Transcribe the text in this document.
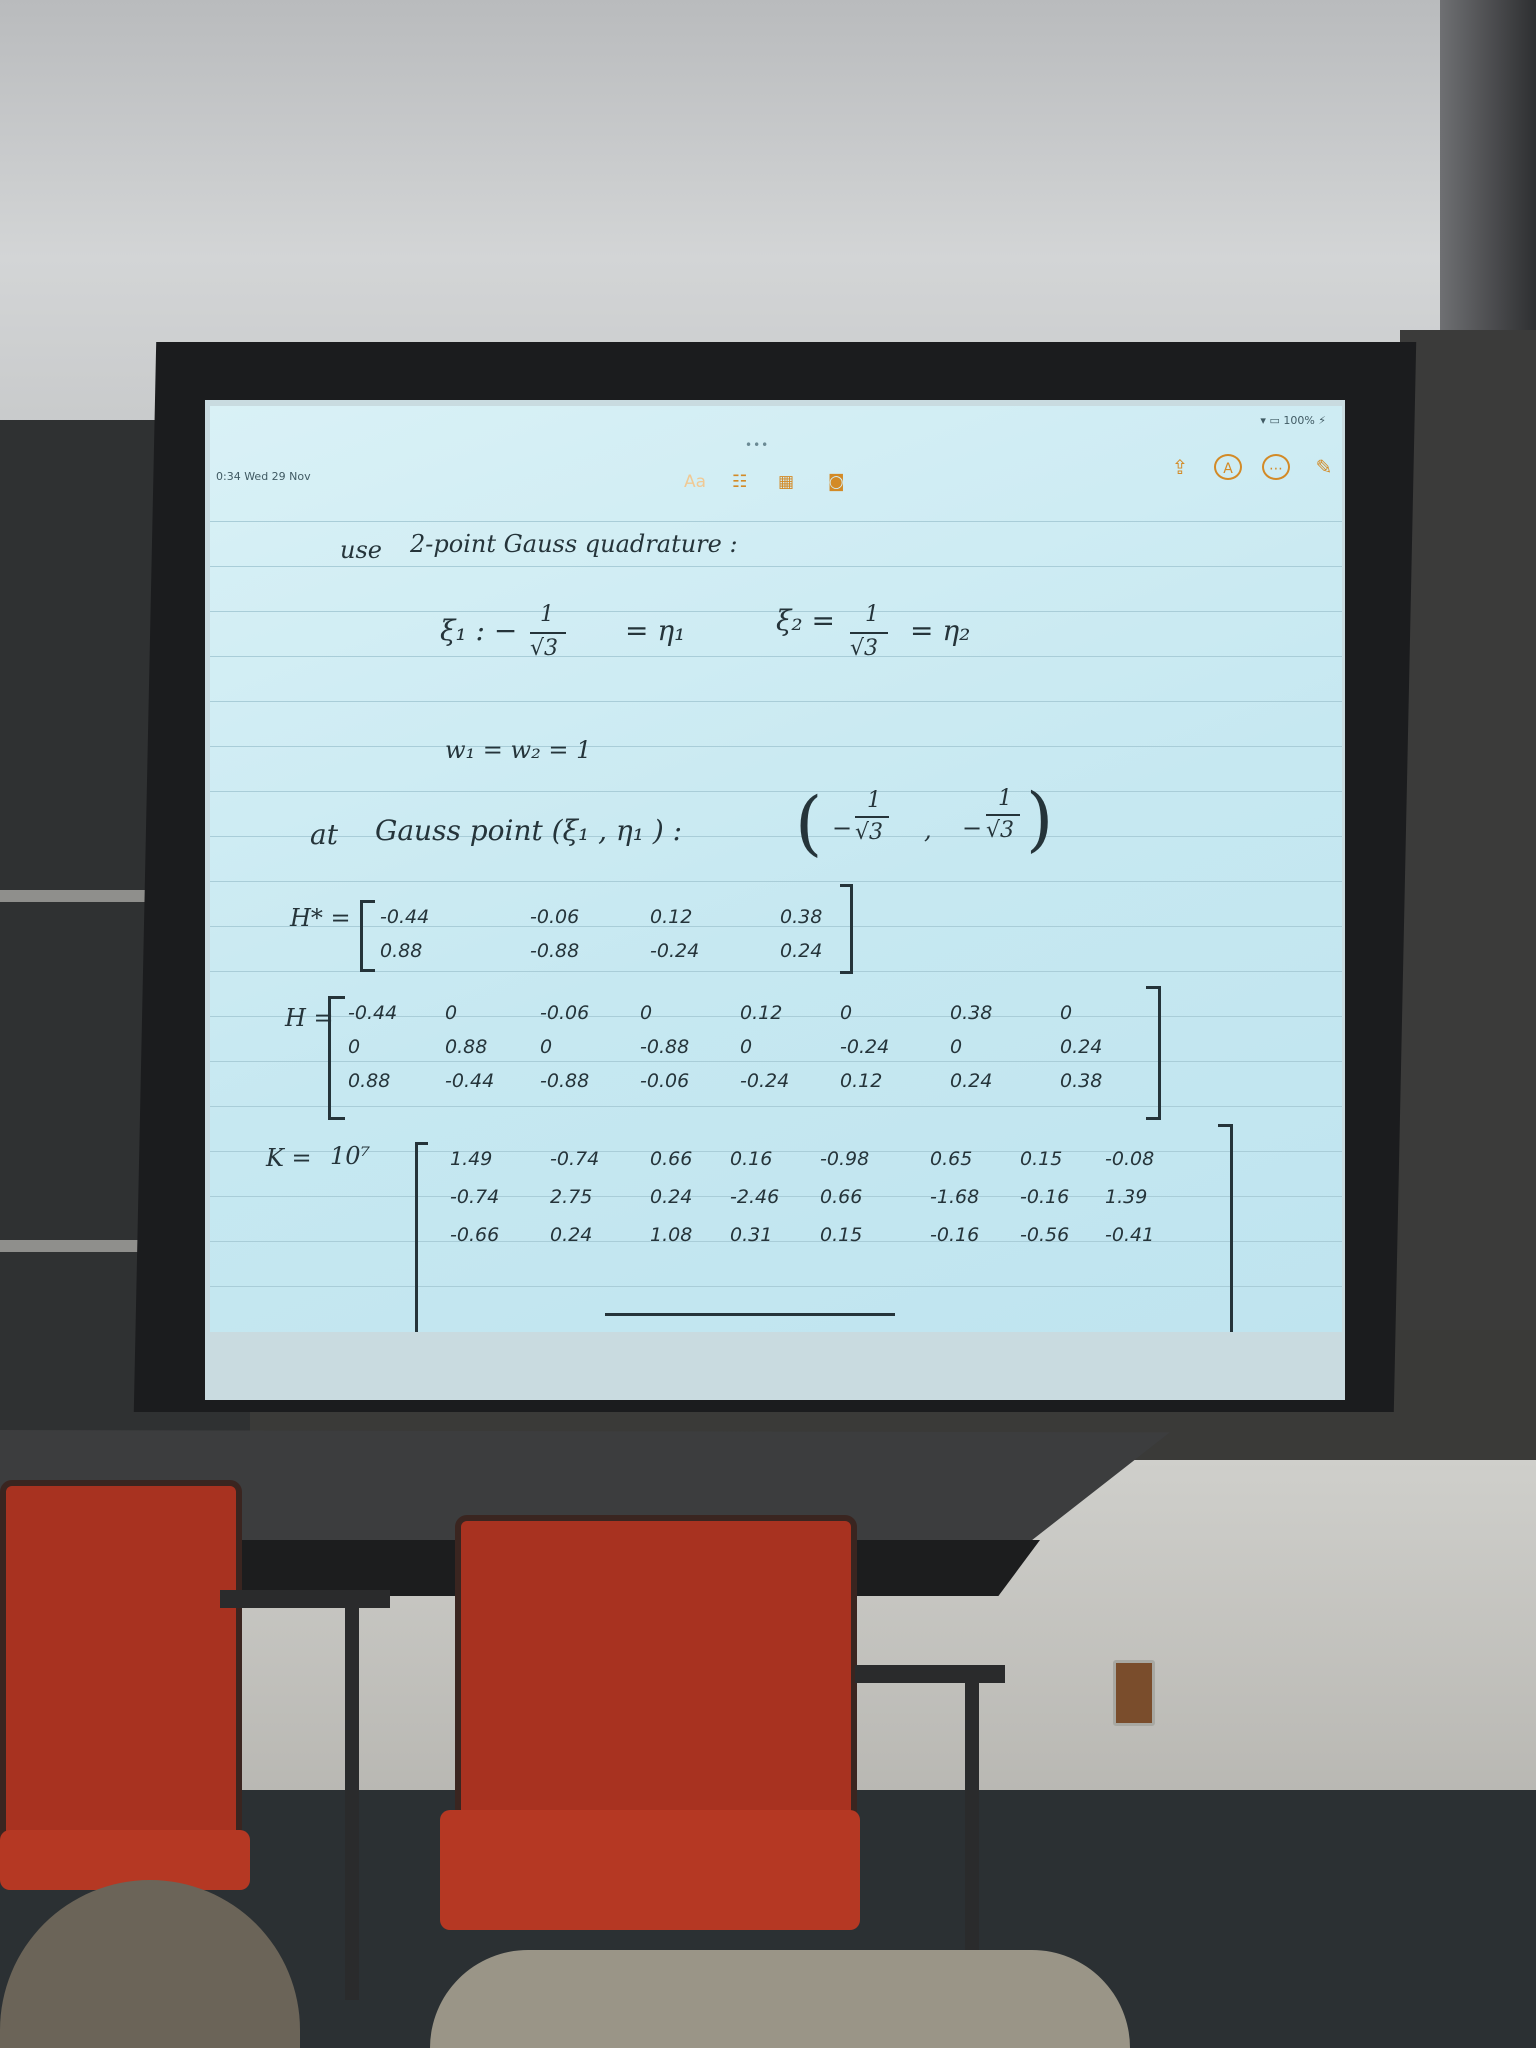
0:34 Wed 29 Nov
▾ ▭ 100% ⚡
•••
Aa ☷ ▦ ◙
⇪	A	⋯	✎
use 2-point Gauss quadrature :
ξ₁ : − 1
√3
= η₁	ξ₂ = 1
√3
= η₂
w₁ = w₂ = 1
at Gauss point (ξ₁ , η₁ ) : ( −
1
√3 , −
1
√3 )
H* = -0.44	-0.06	0.12	0.38
0.88	-0.88	-0.24	0.24
H = -0.44	0	-0.06	0	0.12	0	0.38	0
0	0.88	0	-0.88	0	-0.24	0	0.24
0.88	-0.44 -0.88	-0.06	-0.24	0.12	0.24	0.38
K = 10⁷	1.49	-0.74	0.66 0.16	-0.98	0.65	0.15 -0.08
-0.74	2.75	0.24 -2.46 0.66	-1.68 -0.16 1.39
-0.66	0.24	1.08 0.31	0.15	-0.16 -0.56 -0.41
